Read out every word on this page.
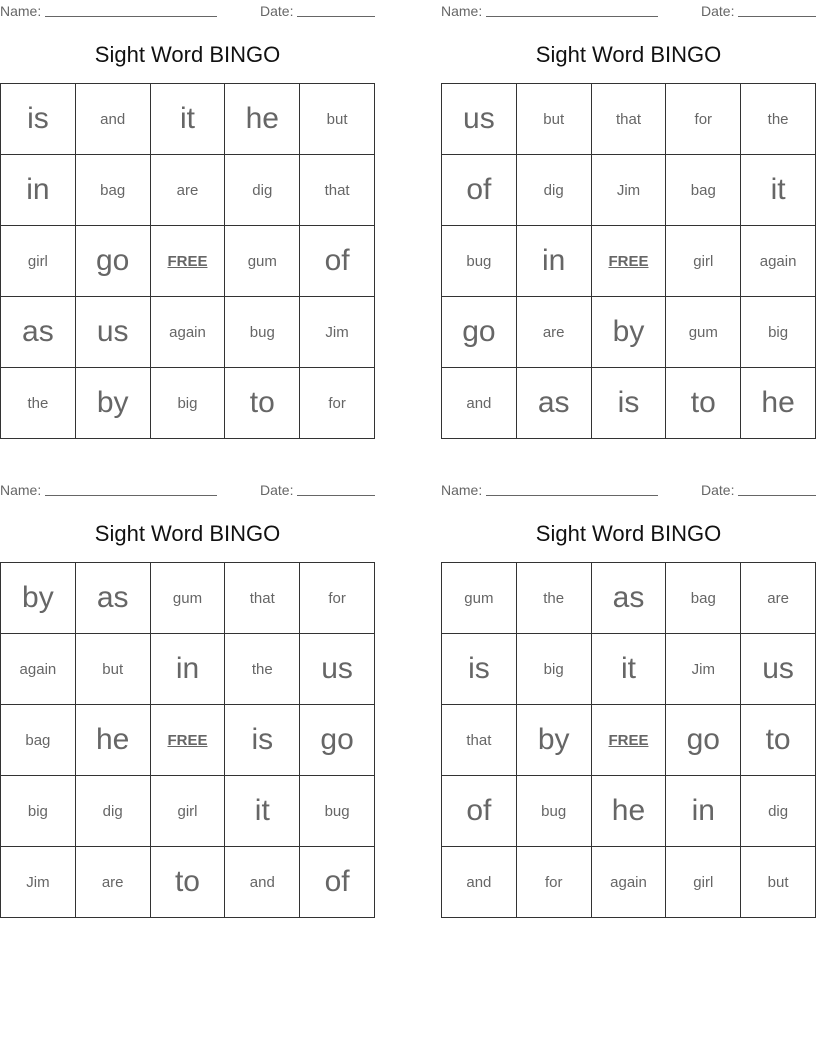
Name:	Date:
Sight Word BINGO
is	and	it	he	but
in	bag	are	dig	that
girl	go	FREE	gum	of
as	us	again	bug	Jim
the	by	big	to	for
Name:	Date:
Sight Word BINGO
us	but	that	for	the
of	dig	Jim	bag	it
bug	in	FREE	girl	again
go	are	by	gum	big
and	as	is	to	he
Name:	Date:
Sight Word BINGO
by	as	gum	that	for
again	but	in	the	us
bag	he	FREE	is	go
big	dig	girl	it	bug
Jim	are	to	and	of
Name:	Date:
Sight Word BINGO
gum	the	as	bag	are
is	big	it	Jim	us
that	by	FREE	go	to
of	bug	he	in	dig
and	for	again	girl	but
